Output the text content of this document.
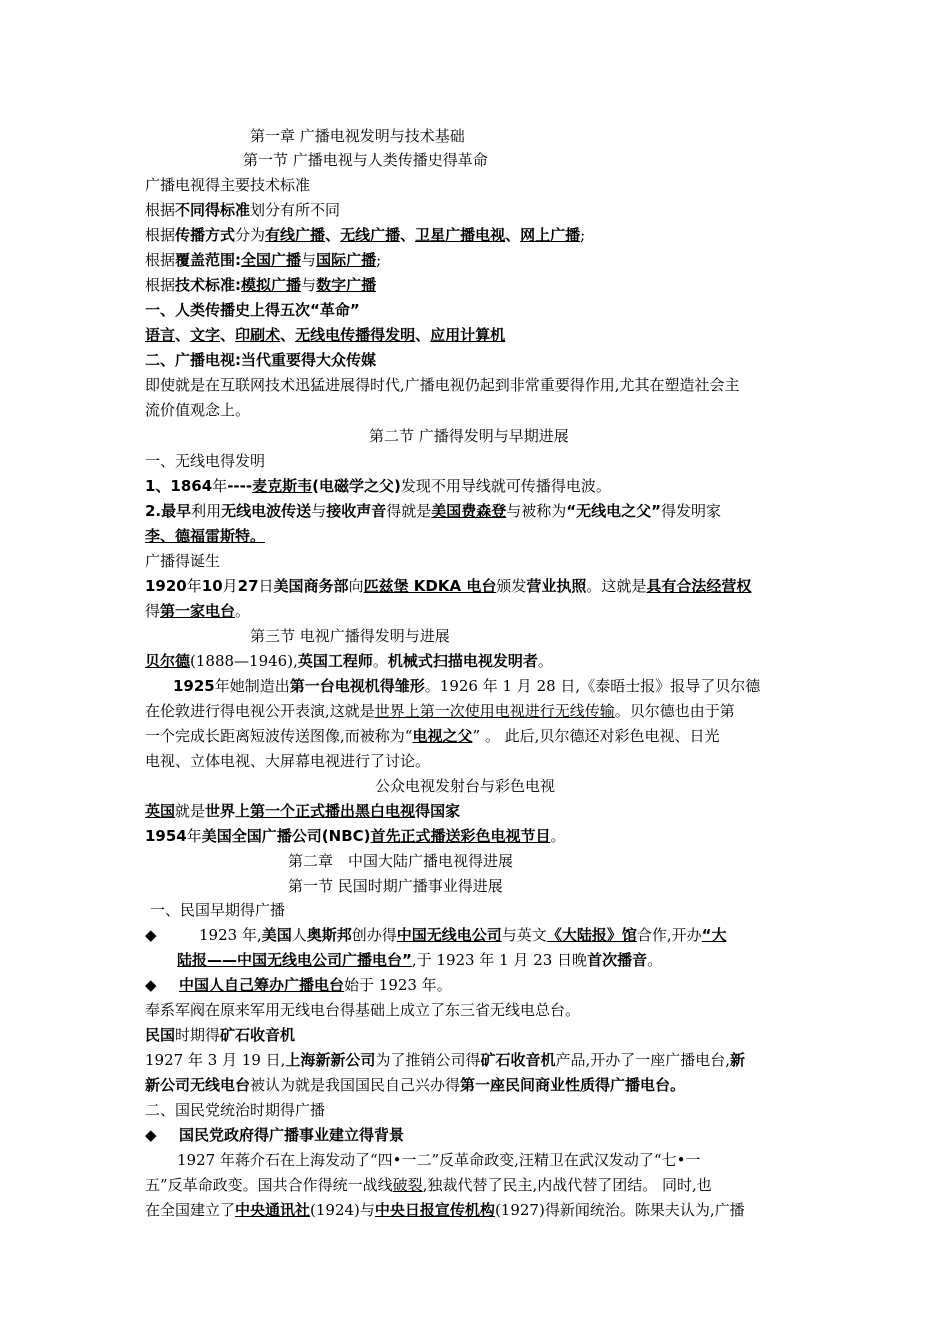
第一章 广播电视发明与技术基础
第一节 广播电视与人类传播史得革命
广播电视得主要技术标准
根据不同得标准划分有所不同
根据传播方式分为有线广播、无线广播、卫星广播电视、网上广播;
根据覆盖范围:全国广播与国际广播;
根据技术标准:模拟广播与数字广播
一、人类传播史上得五次“革命”
语言、文字、印刷术、无线电传播得发明、应用计算机
二、广播电视:当代重要得大众传媒
即使就是在互联网技术迅猛进展得时代,广播电视仍起到非常重要得作用,尤其在塑造社会主
流价值观念上。
第二节 广播得发明与早期进展
一、无线电得发明
1、1864年----麦克斯韦(电磁学之父)发现不用导线就可传播得电波。
2.最早利用无线电波传送与接收声音得就是美国费森登与被称为“无线电之父”得发明家
李、德福雷斯特。
广播得诞生
1920年10月27日美国商务部向匹兹堡 KDKA 电台颁发营业执照。这就是具有合法经营权
得第一家电台。
第三节 电视广播得发明与进展
贝尔德(1888—1946),英国工程师。机械式扫描电视发明者。
1925年她制造出第一台电视机得雏形。1926 年 1 月 28 日,《泰晤士报》报导了贝尔德
在伦敦进行得电视公开表演,这就是世界上第一次使用电视进行无线传输。贝尔德也由于第
一个完成长距离短波传送图像,而被称为“电视之父” 。 此后,贝尔德还对彩色电视、日光
电视、立体电视、大屏幕电视进行了讨论。
公众电视发射台与彩色电视
英国就是世界上第一个正式播出黑白电视得国家
1954年美国全国广播公司(NBC)首先正式播送彩色电视节目。
第二章　中国大陆广播电视得进展
第一节 民国时期广播事业得进展
一、民国早期得广播
◆	1923 年,美国人奥斯邦创办得中国无线电公司与英文《大陆报》馆合作,开办“大
陆报——中国无线电公司广播电台”,于 1923 年 1 月 23 日晚首次播音。
◆ 中国人自己筹办广播电台始于 1923 年。
奉系军阀在原来军用无线电台得基础上成立了东三省无线电总台。
民国时期得矿石收音机
1927 年 3 月 19 日,上海新新公司为了推销公司得矿石收音机产品,开办了一座广播电台,新
新公司无线电台被认为就是我国国民自己兴办得第一座民间商业性质得广播电台。
二、国民党统治时期得广播
◆ 国民党政府得广播事业建立得背景
1927 年蒋介石在上海发动了“四•一二”反革命政变,汪精卫在武汉发动了“七•一
五”反革命政变。国共合作得统一战线破裂,独裁代替了民主,内战代替了团结。 同时,也
在全国建立了中央通讯社(1924)与中央日报宣传机构(1927)得新闻统治。陈果夫认为,广播
